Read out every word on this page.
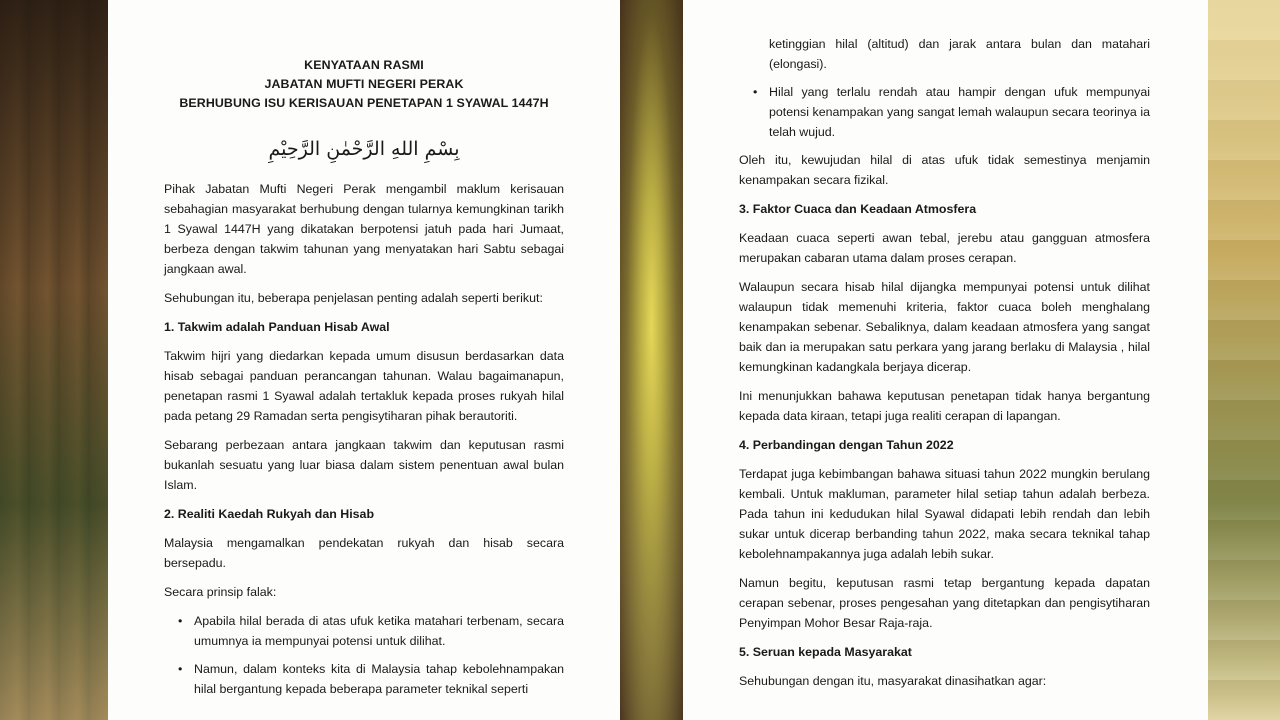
KENYATAAN RASMI
JABATAN MUFTI NEGERI PERAK
BERHUBUNG ISU KERISAUAN PENETAPAN 1 SYAWAL 1447H
بِسْمِ اللهِ الرَّحْمٰنِ الرَّحِيْمِ

Pihak Jabatan Mufti Negeri Perak mengambil maklum kerisauan sebahagian masyarakat berhubung dengan tularnya kemungkinan tarikh 1 Syawal 1447H yang dikatakan berpotensi jatuh pada hari Jumaat, berbeza dengan takwim tahunan yang menyatakan hari Sabtu sebagai jangkaan awal.

Sehubungan itu, beberapa penjelasan penting adalah seperti berikut:

1. Takwim adalah Panduan Hisab Awal

Takwim hijri yang diedarkan kepada umum disusun berdasarkan data hisab sebagai panduan perancangan tahunan. Walau bagaimanapun, penetapan rasmi 1 Syawal adalah tertakluk kepada proses rukyah hilal pada petang 29 Ramadan serta pengisytiharan pihak berautoriti.

Sebarang perbezaan antara jangkaan takwim dan keputusan rasmi bukanlah sesuatu yang luar biasa dalam sistem penentuan awal bulan Islam.

2. Realiti Kaedah Rukyah dan Hisab

Malaysia mengamalkan pendekatan rukyah dan hisab secara bersepadu.

Secara prinsip falak:

• Apabila hilal berada di atas ufuk ketika matahari terbenam, secara umumnya ia mempunyai potensi untuk dilihat.
• Namun, dalam konteks kita di Malaysia tahap kebolehnampakan hilal bergantung kepada beberapa parameter teknikal seperti
ketinggian hilal (altitud) dan jarak antara bulan dan matahari (elongasi).
• Hilal yang terlalu rendah atau hampir dengan ufuk mempunyai potensi kenampakan yang sangat lemah walaupun secara teorinya ia telah wujud.

Oleh itu, kewujudan hilal di atas ufuk tidak semestinya menjamin kenampakan secara fizikal.

3. Faktor Cuaca dan Keadaan Atmosfera

Keadaan cuaca seperti awan tebal, jerebu atau gangguan atmosfera merupakan cabaran utama dalam proses cerapan.

Walaupun secara hisab hilal dijangka mempunyai potensi untuk dilihat walaupun tidak memenuhi kriteria, faktor cuaca boleh menghalang kenampakan sebenar. Sebaliknya, dalam keadaan atmosfera yang sangat baik dan ia merupakan satu perkara yang jarang berlaku di Malaysia , hilal kemungkinan kadangkala berjaya dicerap.

Ini menunjukkan bahawa keputusan penetapan tidak hanya bergantung kepada data kiraan, tetapi juga realiti cerapan di lapangan.

4. Perbandingan dengan Tahun 2022

Terdapat juga kebimbangan bahawa situasi tahun 2022 mungkin berulang kembali. Untuk makluman, parameter hilal setiap tahun adalah berbeza. Pada tahun ini kedudukan hilal Syawal didapati lebih rendah dan lebih sukar untuk dicerap berbanding tahun 2022, maka secara teknikal tahap kebolehnampakannya juga adalah lebih sukar.

Namun begitu, keputusan rasmi tetap bergantung kepada dapatan cerapan sebenar, proses pengesahan yang ditetapkan dan pengisytiharan Penyimpan Mohor Besar Raja-raja.

5. Seruan kepada Masyarakat

Sehubungan dengan itu, masyarakat dinasihatkan agar:
